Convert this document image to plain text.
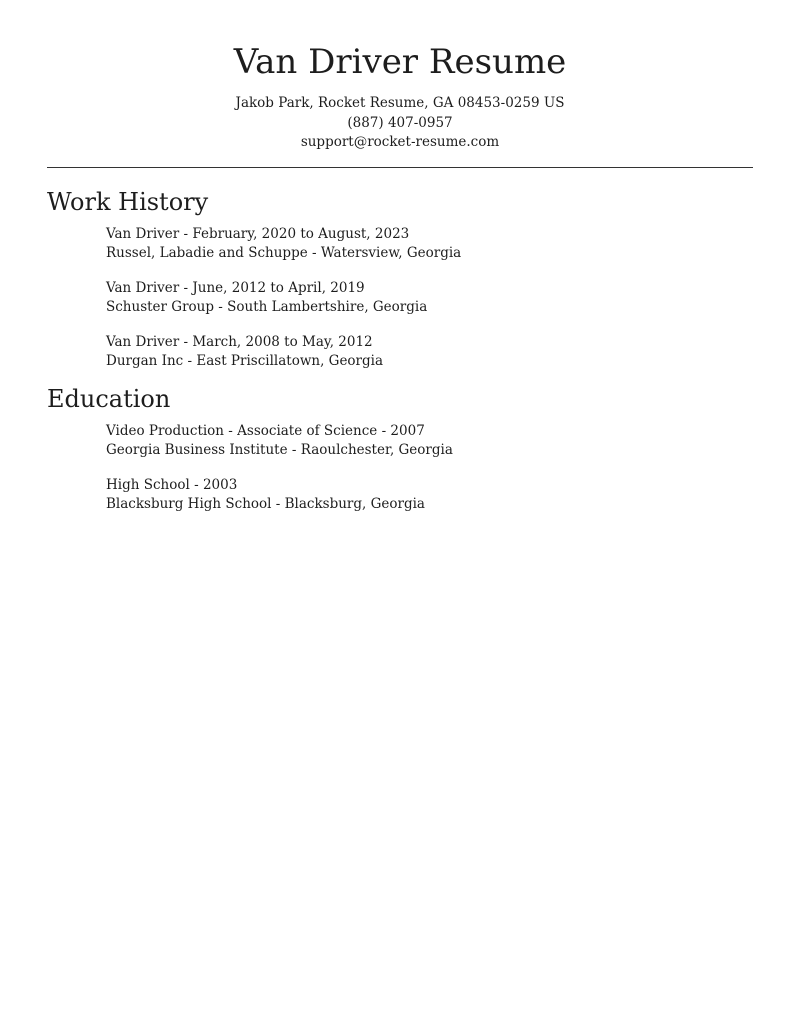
Van Driver Resume
Jakob Park, Rocket Resume, GA 08453-0259 US
(887) 407-0957
support@rocket-resume.com
Work History
Van Driver - February, 2020 to August, 2023
Russel, Labadie and Schuppe - Watersview, Georgia
Van Driver - June, 2012 to April, 2019
Schuster Group - South Lambertshire, Georgia
Van Driver - March, 2008 to May, 2012
Durgan Inc - East Priscillatown, Georgia
Education
Video Production - Associate of Science - 2007
Georgia Business Institute - Raoulchester, Georgia
High School - 2003
Blacksburg High School - Blacksburg, Georgia
